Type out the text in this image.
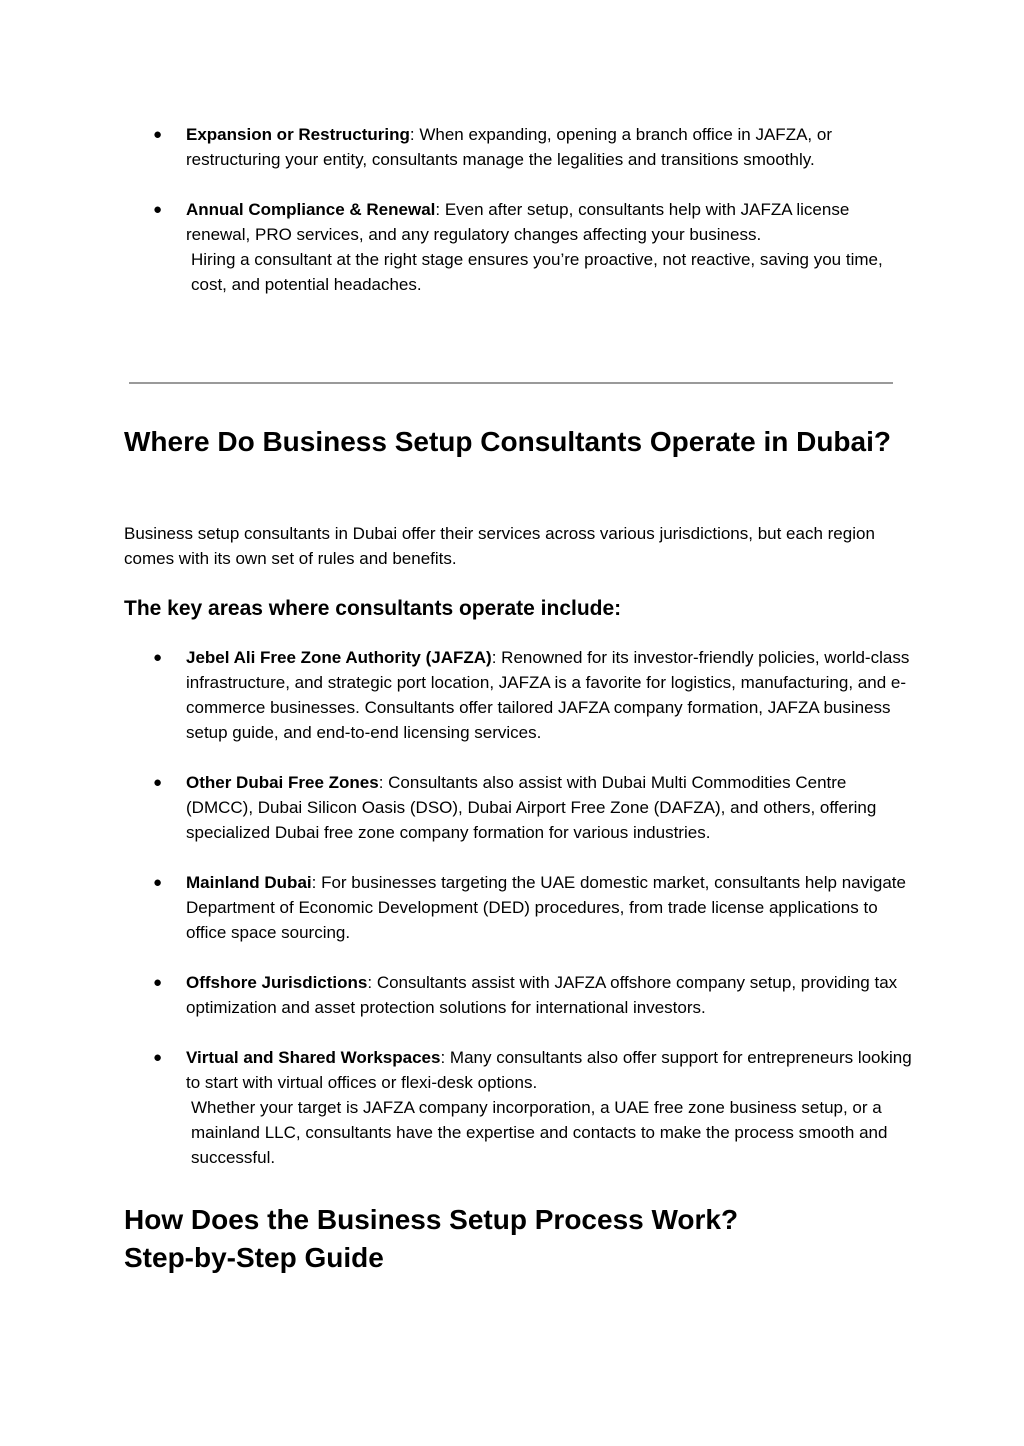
● Expansion or Restructuring: When expanding, opening a branch office in JAFZA, or restructuring your entity, consultants manage the legalities and transitions smoothly.
● Annual Compliance & Renewal: Even after setup, consultants help with JAFZA license renewal, PRO services, and any regulatory changes affecting your business.
Hiring a consultant at the right stage ensures you’re proactive, not reactive, saving you time, cost, and potential headaches.
Where Do Business Setup Consultants Operate in Dubai?

Business setup consultants in Dubai offer their services across various jurisdictions, but each region comes with its own set of rules and benefits.

The key areas where consultants operate include:
● Jebel Ali Free Zone Authority (JAFZA): Renowned for its investor-friendly policies, world-class infrastructure, and strategic port location, JAFZA is a favorite for logistics, manufacturing, and e-commerce businesses. Consultants offer tailored JAFZA company formation, JAFZA business setup guide, and end-to-end licensing services.
● Other Dubai Free Zones: Consultants also assist with Dubai Multi Commodities Centre (DMCC), Dubai Silicon Oasis (DSO), Dubai Airport Free Zone (DAFZA), and others, offering specialized Dubai free zone company formation for various industries.
● Mainland Dubai: For businesses targeting the UAE domestic market, consultants help navigate Department of Economic Development (DED) procedures, from trade license applications to office space sourcing.
● Offshore Jurisdictions: Consultants assist with JAFZA offshore company setup, providing tax optimization and asset protection solutions for international investors.
● Virtual and Shared Workspaces: Many consultants also offer support for entrepreneurs looking to start with virtual offices or flexi-desk options.
Whether your target is JAFZA company incorporation, a UAE free zone business setup, or a mainland LLC, consultants have the expertise and contacts to make the process smooth and successful.
How Does the Business Setup Process Work?
Step-by-Step Guide
